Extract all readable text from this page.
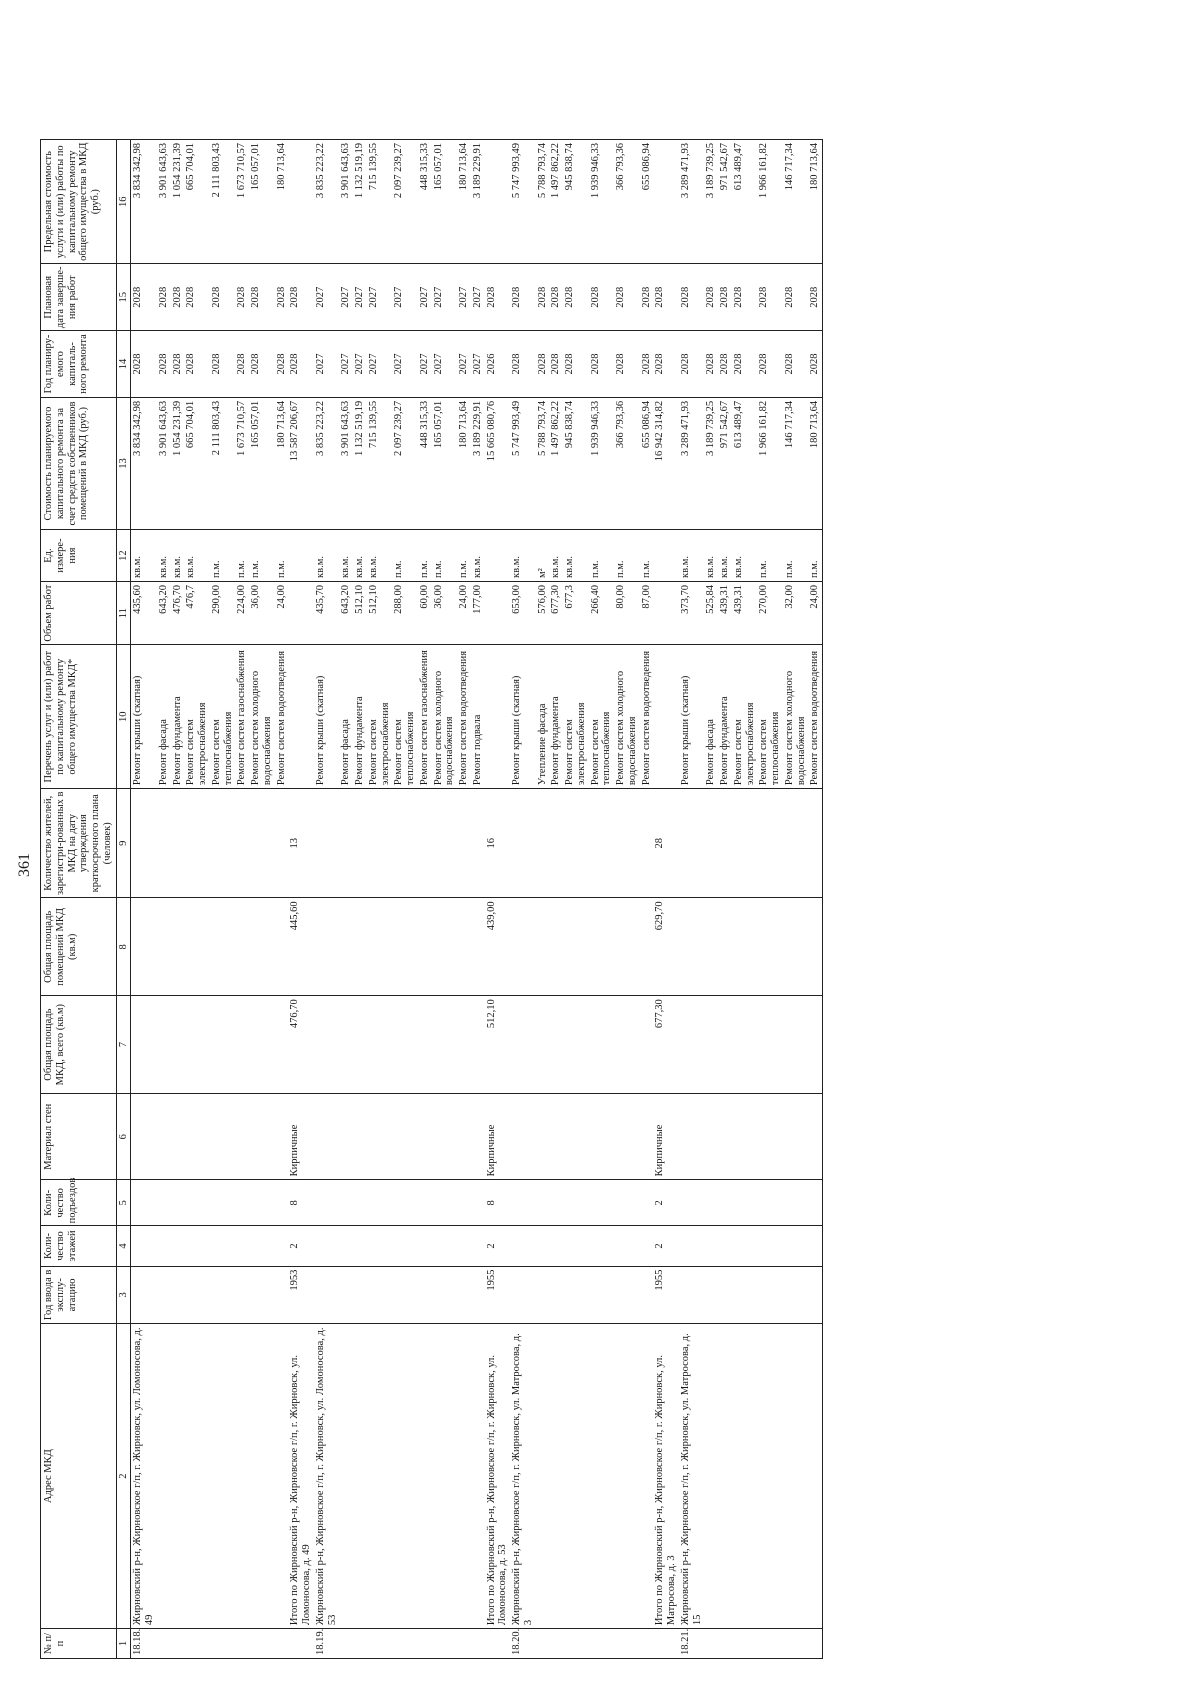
361
№ п/п	Адрес МКД	Год ввода в эксплу-атацию	Коли-чество этажей	Коли-чество подъездов	Материал стен	Общая площадь МКД, всего (кв.м)	Общая площадь помещений МКД (кв.м)	Количество жителей, зарегистри-рованных в МКД на дату утверждения краткосрочного плана (человек)	Перечень услуг и (или) работ по капитальному ремонту общего имущества МКД*	Объем работ	Ед. измере-ния	Стоимость планируемого капитального ремонта за счет средств собственников помещений в МКД (руб.)	Год планиру-емого капиталь-ного ремонта	Плановая дата заверше-ния работ	Предельная стоимость услуги и (или) работы по капитальному ремонту общего имущества в МКД (руб.)
1	2	3	4	5	6	7	8	9	10	11	12	13	14	15	16
18.18.	Жирновский р-н, Жирновское г/п, г. Жирновск, ул. Ломоносова, д. 49								Ремонт крыши (скатная)	435,60	кв.м.	3 834 342,98	2028	2028	3 834 342,98
									Ремонт фасада	643,20	кв.м.	3 901 643,63	2028	2028	3 901 643,63
									Ремонт фундамента	476,70	кв.м.	1 054 231,39	2028	2028	1 054 231,39
									Ремонт систем электроснабжения	476,7	кв.м.	665 704,01	2028	2028	665 704,01
									Ремонт систем теплоснабжения	290,00	п.м.	2 111 803,43	2028	2028	2 111 803,43
									Ремонт систем газоснабжения	224,00	п.м.	1 673 710,57	2028	2028	1 673 710,57
									Ремонт систем холодного водоснабжения	36,00	п.м.	165 057,01	2028	2028	165 057,01
									Ремонт систем водоотведения	24,00	п.м.	180 713,64	2028	2028	180 713,64
	Итого по Жирновский р-н, Жирновское г/п, г. Жирновск, ул. Ломоносова, д. 49	1953	2	8	Кирпичные	476,70	445,60	13				13 587 206,67	2028	2028	
18.19.	Жирновский р-н, Жирновское г/п, г. Жирновск, ул. Ломоносова, д. 53								Ремонт крыши (скатная)	435,70	кв.м.	3 835 223,22	2027	2027	3 835 223,22
									Ремонт фасада	643,20	кв.м.	3 901 643,63	2027	2027	3 901 643,63
									Ремонт фундамента	512,10	кв.м.	1 132 519,19	2027	2027	1 132 519,19
									Ремонт систем электроснабжения	512,10	кв.м.	715 139,55	2027	2027	715 139,55
									Ремонт систем теплоснабжения	288,00	п.м.	2 097 239,27	2027	2027	2 097 239,27
									Ремонт систем газоснабжения	60,00	п.м.	448 315,33	2027	2027	448 315,33
									Ремонт систем холодного водоснабжения	36,00	п.м.	165 057,01	2027	2027	165 057,01
									Ремонт систем водоотведения	24,00	п.м.	180 713,64	2027	2027	180 713,64
									Ремонт подвала	177,00	кв.м.	3 189 229,91	2027	2027	3 189 229,91
	Итого по Жирновский р-н, Жирновское г/п, г. Жирновск, ул. Ломоносова, д. 53	1955	2	8	Кирпичные	512,10	439,00	16				15 665 080,76	2026	2028	
18.20.	Жирновский р-н, Жирновское г/п, г. Жирновск, ул. Матросова, д. 3								Ремонт крыши (скатная)	653,00	кв.м.	5 747 993,49	2028	2028	5 747 993,49
									Утепление фасада	576,00	м²	5 788 793,74	2028	2028	5 788 793,74
									Ремонт фундамента	677,30	кв.м.	1 497 862,22	2028	2028	1 497 862,22
									Ремонт систем электроснабжения	677,3	кв.м.	945 838,74	2028	2028	945 838,74
									Ремонт систем теплоснабжения	266,40	п.м.	1 939 946,33	2028	2028	1 939 946,33
									Ремонт систем холодного водоснабжения	80,00	п.м.	366 793,36	2028	2028	366 793,36
									Ремонт систем водоотведения	87,00	п.м.	655 086,94	2028	2028	655 086,94
	Итого по Жирновский р-н, Жирновское г/п, г. Жирновск, ул. Матросова, д. 3	1955	2	2	Кирпичные	677,30	629,70	28				16 942 314,82	2028	2028	
18.21.	Жирновский р-н, Жирновское г/п, г. Жирновск, ул. Матросова, д. 15								Ремонт крыши (скатная)	373,70	кв.м.	3 289 471,93	2028	2028	3 289 471,93
									Ремонт фасада	525,84	кв.м.	3 189 739,25	2028	2028	3 189 739,25
									Ремонт фундамента	439,31	кв.м.	971 542,67	2028	2028	971 542,67
									Ремонт систем электроснабжения	439,31	кв.м.	613 489,47	2028	2028	613 489,47
									Ремонт систем теплоснабжения	270,00	п.м.	1 966 161,82	2028	2028	1 966 161,82
									Ремонт систем холодного водоснабжения	32,00	п.м.	146 717,34	2028	2028	146 717,34
									Ремонт систем водоотведения	24,00	п.м.	180 713,64	2028	2028	180 713,64
